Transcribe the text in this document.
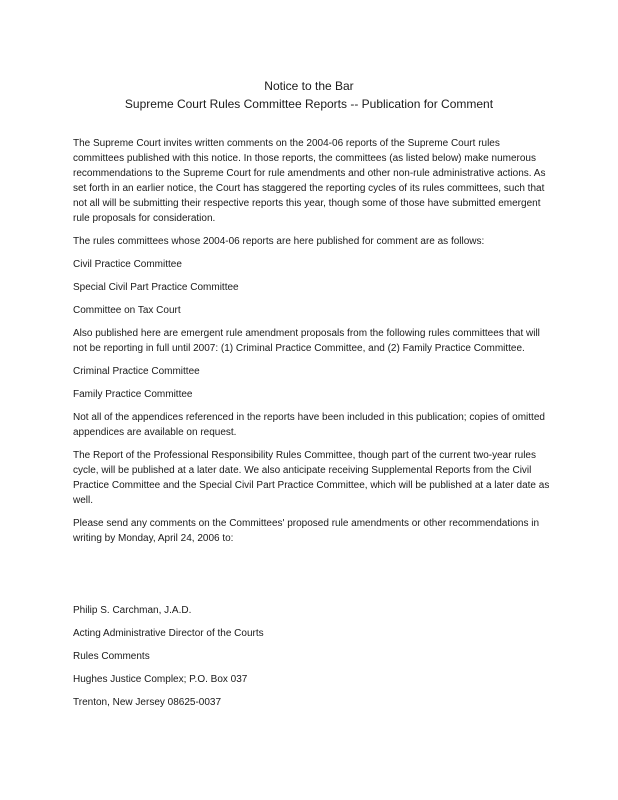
Notice to the Bar
Supreme Court Rules Committee Reports -- Publication for Comment

The Supreme Court invites written comments on the 2004-06 reports of the Supreme Court rules committees published with this notice. In those reports, the committees (as listed below) make numerous recommendations to the Supreme Court for rule amendments and other non-rule administrative actions. As set forth in an earlier notice, the Court has staggered the reporting cycles of its rules committees, such that not all will be submitting their respective reports this year, though some of those have submitted emergent rule proposals for consideration.

The rules committees whose 2004-06 reports are here published for comment are as follows:

Civil Practice Committee

Special Civil Part Practice Committee

Committee on Tax Court

Also published here are emergent rule amendment proposals from the following rules committees that will not be reporting in full until 2007: (1) Criminal Practice Committee, and (2) Family Practice Committee.

Criminal Practice Committee

Family Practice Committee

Not all of the appendices referenced in the reports have been included in this publication; copies of omitted appendices are available on request.

The Report of the Professional Responsibility Rules Committee, though part of the current two-year rules cycle, will be published at a later date. We also anticipate receiving Supplemental Reports from the Civil Practice Committee and the Special Civil Part Practice Committee, which will be published at a later date as well.

Please send any comments on the Committees' proposed rule amendments or other recommendations in writing by Monday, April 24, 2006 to:

Philip S. Carchman, J.A.D.

Acting Administrative Director of the Courts

Rules Comments

Hughes Justice Complex; P.O. Box 037

Trenton, New Jersey 08625-0037
